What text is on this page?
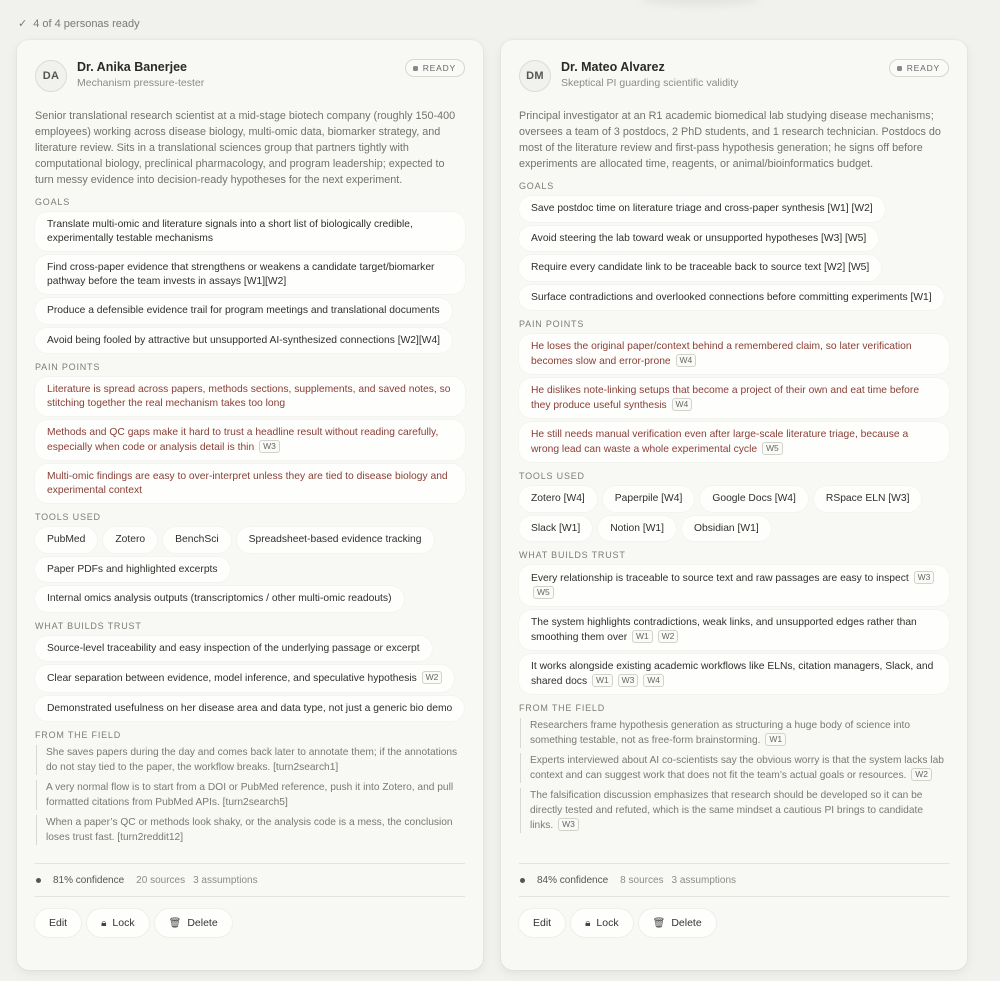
✓ 4 of 4 personas ready
DA
Dr. Anika Banerjee
Mechanism pressure-tester
READY
Senior translational research scientist at a mid-stage biotech company (roughly 150-400 employees) working across disease biology, multi-omic data, biomarker strategy, and literature review. Sits in a translational sciences group that partners tightly with computational biology, preclinical pharmacology, and program leadership; expected to turn messy evidence into decision-ready hypotheses for the next experiment.
GOALS
Translate multi-omic and literature signals into a short list of biologically credible, experimentally testable mechanisms
Find cross-paper evidence that strengthens or weakens a candidate target/biomarker pathway before the team invests in assays [W1][W2]
Produce a defensible evidence trail for program meetings and translational documents
Avoid being fooled by attractive but unsupported AI-synthesized connections [W2][W4]
PAIN POINTS
Literature is spread across papers, methods sections, supplements, and saved notes, so stitching together the real mechanism takes too long
Methods and QC gaps make it hard to trust a headline result without reading carefully, especially when code or analysis detail is thin W3
Multi-omic findings are easy to over-interpret unless they are tied to disease biology and experimental context
TOOLS USED
PubMed	Zotero	BenchSci	Spreadsheet-based evidence tracking
Paper PDFs and highlighted excerpts
Internal omics analysis outputs (transcriptomics / other multi-omic readouts)
WHAT BUILDS TRUST
Source-level traceability and easy inspection of the underlying passage or excerpt
Clear separation between evidence, model inference, and speculative hypothesis W2
Demonstrated usefulness on her disease area and data type, not just a generic bio demo
FROM THE FIELD
She saves papers during the day and comes back later to annotate them; if the annotations do not stay tied to the paper, the workflow breaks. [turn2search1]
A very normal flow is to start from a DOI or PubMed reference, push it into Zotero, and pull formatted citations from PubMed APIs. [turn2search5]
When a paper’s QC or methods look shaky, or the analysis code is a mess, the conclusion loses trust fast. [turn2reddit12]
81% confidence 20 sources 3 assumptions
Edit	🔒︎ Lock	🗑︎ Delete
DM
Dr. Mateo Alvarez
Skeptical PI guarding scientific validity
READY
Principal investigator at an R1 academic biomedical lab studying disease mechanisms; oversees a team of 3 postdocs, 2 PhD students, and 1 research technician. Postdocs do most of the literature review and first-pass hypothesis generation; he signs off before experiments are allocated time, reagents, or animal/bioinformatics budget.
GOALS
Save postdoc time on literature triage and cross-paper synthesis [W1] [W2]
Avoid steering the lab toward weak or unsupported hypotheses [W3] [W5]
Require every candidate link to be traceable back to source text [W2] [W5]
Surface contradictions and overlooked connections before committing experiments [W1]
PAIN POINTS
He loses the original paper/context behind a remembered claim, so later verification becomes slow and error-prone W4
He dislikes note-linking setups that become a project of their own and eat time before they produce useful synthesis W4
He still needs manual verification even after large-scale literature triage, because a wrong lead can waste a whole experimental cycle W5
TOOLS USED
Zotero [W4]	Paperpile [W4]	Google Docs [W4]	RSpace ELN [W3]
Slack [W1]	Notion [W1]	Obsidian [W1]
WHAT BUILDS TRUST
Every relationship is traceable to source text and raw passages are easy to inspect W3 W5
The system highlights contradictions, weak links, and unsupported edges rather than smoothing them over W1 W2
It works alongside existing academic workflows like ELNs, citation managers, Slack, and shared docs W1 W3 W4
FROM THE FIELD
Researchers frame hypothesis generation as structuring a huge body of science into something testable, not as free-form brainstorming. W1
Experts interviewed about AI co-scientists say the obvious worry is that the system lacks lab context and can suggest work that does not fit the team’s actual goals or resources. W2
The falsification discussion emphasizes that research should be developed so it can be directly tested and refuted, which is the same mindset a cautious PI brings to candidate links. W3
84% confidence 8 sources 3 assumptions
Edit	🔒︎ Lock	🗑︎ Delete
